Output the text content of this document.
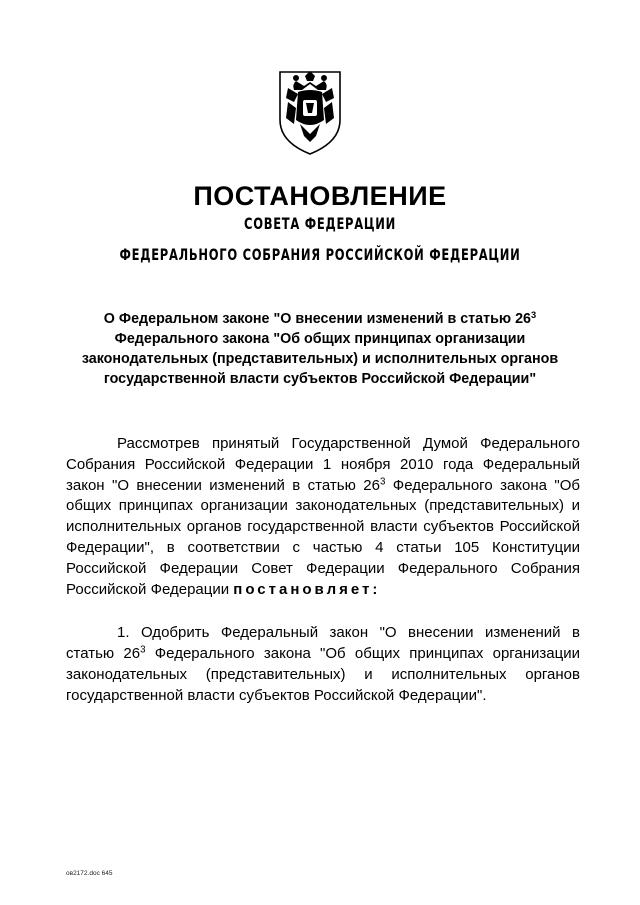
ПОСТАНОВЛЕНИЕ
СОВЕТА ФЕДЕРАЦИИ
ФЕДЕРАЛЬНОГО СОБРАНИЯ РОССИЙСКОЙ ФЕДЕРАЦИИ
О Федеральном законе "О внесении изменений в статью $26^3$
Федерального закона "Об общих принципах организации законодательных (представительных) и исполнительных органов государственной власти субъектов Российской Федерации"

Рассмотрев принятый Государственной Думой Федерального Собрания Российской Федерации 1 ноября 2010 года Федеральный закон "О внесении изменений в статью $26^3$ Федерального закона "Об общих принципах организации законодательных (представительных) и исполнительных органов государственной власти субъектов Российской Федерации", в соответствии с частью 4 статьи 105 Конституции Российской Федерации Совет Федерации Федерального Собрания Российской Федерации постановляет:

1. Одобрить Федеральный закон "О внесении изменений в статью $26^3$ Федерального закона "Об общих принципах организации законодательных (представительных) и исполнительных органов государственной власти субъектов Российской Федерации".

ов2172.doc 645
